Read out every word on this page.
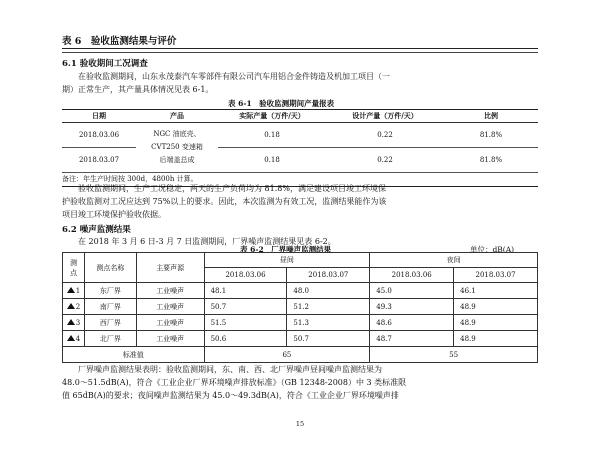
表 6　验收监测结果与评价
6.1 验收期间工况调查
在验收监测期间，山东永茂泰汽车零部件有限公司汽车用铝合金件铸造及机加工项目（一
期）正常生产，其产量具体情况见表 6-1。
表 6-1　验收监测期间产量报表
日期	产品	实际产量（万件/天）	设计产量（万件/天）	比例
2018.03.06	NGC 油底壳、
CVT250 变速箱
后端盖总成	0.18	0.22	81.8%
2018.03.07		0.18	0.22	81.8%
备注：年生产时间按 300d，4800h 计算。				
验收监测期间，生产工况稳定，两天的生产负荷均为 81.8%，满足建设项目竣工环境保
护验收监测对工况应达到 75%以上的要求。因此，本次监测为有效工况，监测结果能作为该
项目竣工环境保护验收依据。
6.2 噪声监测结果
在 2018 年 3 月 6 日-3 月 7 日监测期间，厂界噪声监测结果见表 6-2。
表 6-2　厂界噪声监测结果	单位：dB(A)
测点	测点名称	主要声源	昼间		夜间	
			2018.03.06	2018.03.07	2018.03.06	2018.03.07
1	东厂界	工业噪声	48.1	48.0	45.0	46.1
2	南厂界	工业噪声	50.7	51.2	49.3	48.9
3	西厂界	工业噪声	51.5	51.3	48.6	48.9
4	北厂界	工业噪声	50.6	50.7	48.7	48.9
标准值			65		55	
厂界噪声监测结果表明：验收监测期间，东、南、西、北厂界噪声昼间噪声监测结果为
48.0～51.5dB(A)，符合《工业企业厂界环境噪声排放标准》（GB 12348-2008）中 3 类标准限
值 65dB(A)的要求；夜间噪声监测结果为 45.0～49.3dB(A)，符合《工业企业厂界环境噪声排
15
